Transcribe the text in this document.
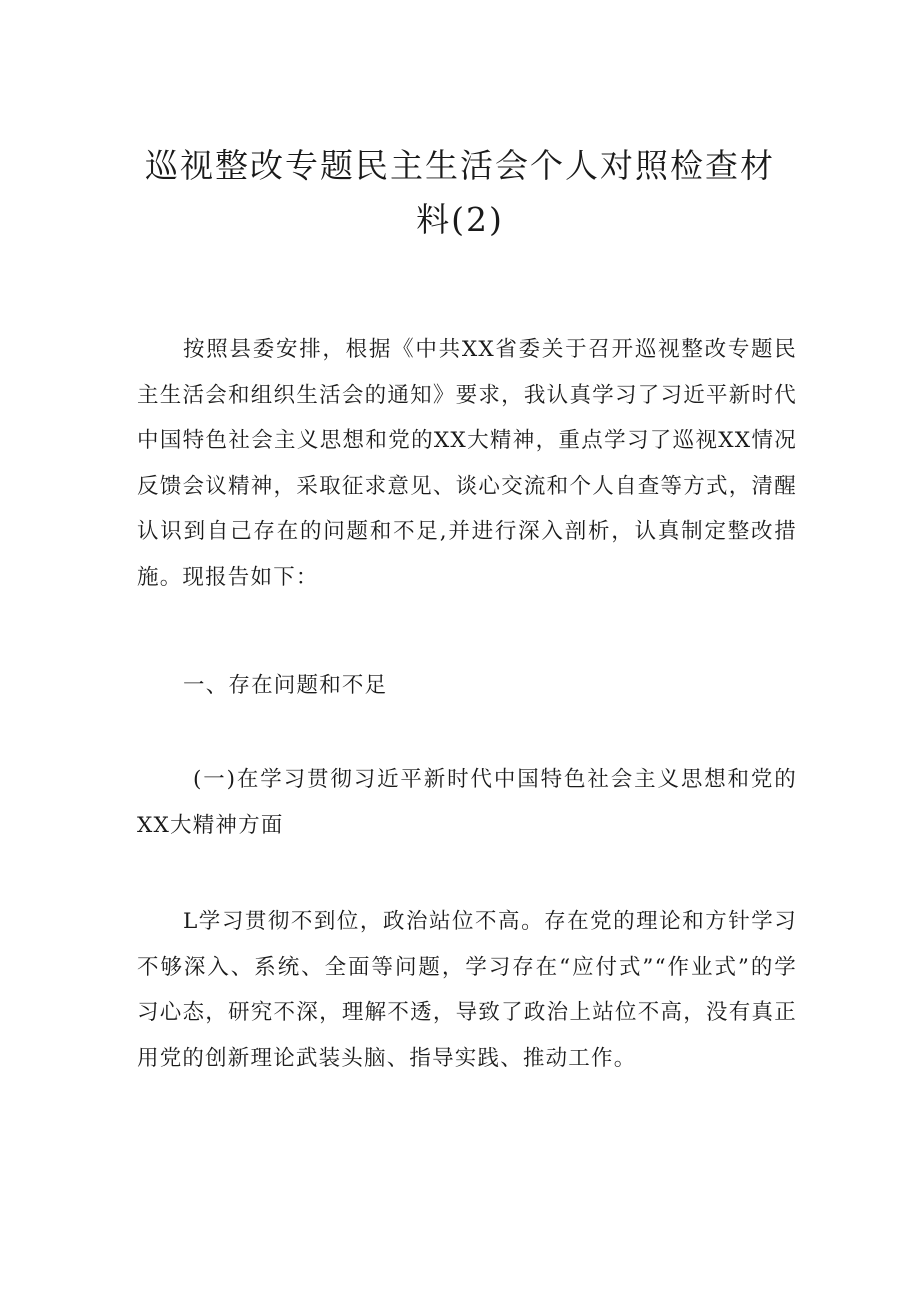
巡视整改专题民主生活会个人对照检查材
料(2)

按照县委安排，根据《中共XX省委关于召开巡视整改专题民主生活会和组织生活会的通知》要求，我认真学习了习近平新时代中国特色社会主义思想和党的XX大精神，重点学习了巡视XX情况反馈会议精神，采取征求意见、谈心交流和个人自查等方式，清醒认识到自己存在的问题和不足,并进行深入剖析，认真制定整改措施。现报告如下：

一、存在问题和不足

(一)在学习贯彻习近平新时代中国特色社会主义思想和党的XX大精神方面

L学习贯彻不到位，政治站位不高。存在党的理论和方针学习不够深入、系统、全面等问题，学习存在“应付式”“作业式”的学习心态，研究不深，理解不透，导致了政治上站位不高，没有真正用党的创新理论武装头脑、指导实践、推动工作。
